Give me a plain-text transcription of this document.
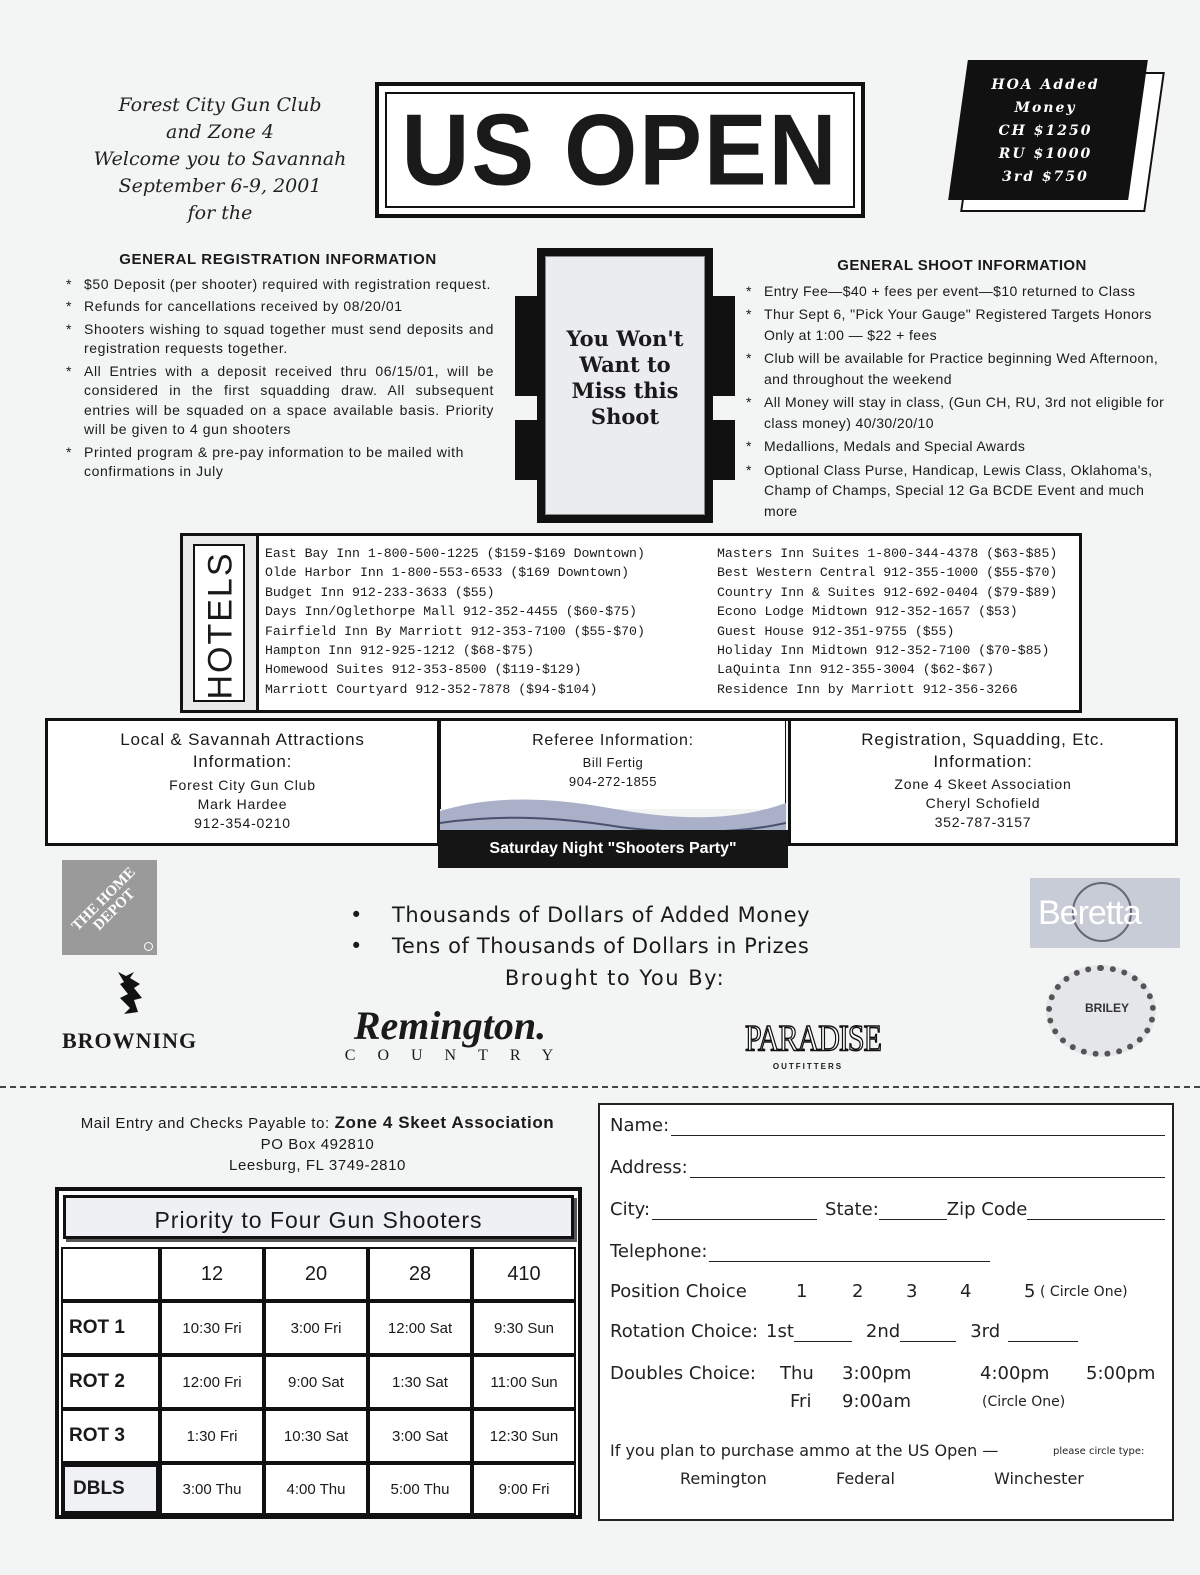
Forest City Gun Club
and Zone 4
Welcome you to Savannah
September 6-9, 2001
for the
US OPEN
HOA Added
Money
CH $1250
RU $1000
3rd $750
GENERAL REGISTRATION INFORMATION
* $50 Deposit (per shooter) required with registration request.
* Refunds for cancellations received by 08/20/01
* Shooters wishing to squad together must send deposits and registration requests together.
* All Entries with a deposit received thru 06/15/01, will be considered in the first squadding draw. All subsequent entries will be squaded on a space available basis. Priority will be given to 4 gun shooters
* Printed program & pre-pay information to be mailed with confirmations in July
You Won't Want to Miss this Shoot
GENERAL SHOOT INFORMATION
* Entry Fee—$40 + fees per event—$10 returned to Class
* Thur Sept 6, "Pick Your Gauge" Registered Targets Honors Only at 1:00 — $22 + fees
* Club will be available for Practice beginning Wed Afternoon, and throughout the weekend
* All Money will stay in class, (Gun CH, RU, 3rd not eligible for class money) 40/30/20/10
* Medallions, Medals and Special Awards
* Optional Class Purse, Handicap, Lewis Class, Oklahoma's, Champ of Champs, Special 12 Ga BCDE Event and much more
HOTELS East Bay Inn 1-800-500-1225 ($159-$169 Downtown)
Olde Harbor Inn 1-800-553-6533 ($169 Downtown)
Budget Inn 912-233-3633 ($55)
Days Inn/Oglethorpe Mall 912-352-4455 ($60-$75)
Fairfield Inn By Marriott 912-353-7100 ($55-$70)
Hampton Inn 912-925-1212 ($68-$75)
Homewood Suites 912-353-8500 ($119-$129)
Marriott Courtyard 912-352-7878 ($94-$104)
Masters Inn Suites 1-800-344-4378 ($63-$85)
Best Western Central 912-355-1000 ($55-$70)
Country Inn & Suites 912-692-0404 ($79-$89)
Econo Lodge Midtown 912-352-1657 ($53)
Guest House 912-351-9755 ($55)
Holiday Inn Midtown 912-352-7100 ($70-$85)
LaQuinta Inn 912-355-3004 ($62-$67)
Residence Inn by Marriott 912-356-3266
Local & Savannah Attractions Information:
Forest City Gun Club
Mark Hardee
912-354-0210
Referee Information:
Bill Fertig
904-272-1855
Saturday Night "Shooters Party"
Registration, Squadding, Etc. Information:
Zone 4 Skeet Association
Cheryl Schofield
352-787-3157
THE HOME DEPOT
BROWNING
• Thousands of Dollars of Added Money
• Tens of Thousands of Dollars in Prizes
Brought to You By:
Remington.
COUNTRY	PARADISE
OUTFITTERS
Beretta
BRILEY
Mail Entry and Checks Payable to: Zone 4 Skeet Association
PO Box 492810
Leesburg, FL 3749-2810
Priority to Four Gun Shooters
	12	20	28	410
ROT 1	10:30 Fri	3:00 Fri	12:00 Sat	9:30 Sun
ROT 2	12:00 Fri	9:00 Sat	1:30 Sat	11:00 Sun
ROT 3	1:30 Fri	10:30 Sat	3:00 Sat	12:30 Sun
DBLS	3:00 Thu	4:00 Thu	5:00 Thu	9:00 Fri
Name:
Address:
City:	State:	Zip Code
Telephone:
Position Choice	1 2 3 4	5 ( Circle One)
Rotation Choice: 1st	2nd	3rd
Doubles Choice: Thu 3:00pm	4:00pm 5:00pm
Fri 9:00am	(Circle One)
If you plan to purchase ammo at the US Open —	please circle type:
Remington	Federal	Winchester
